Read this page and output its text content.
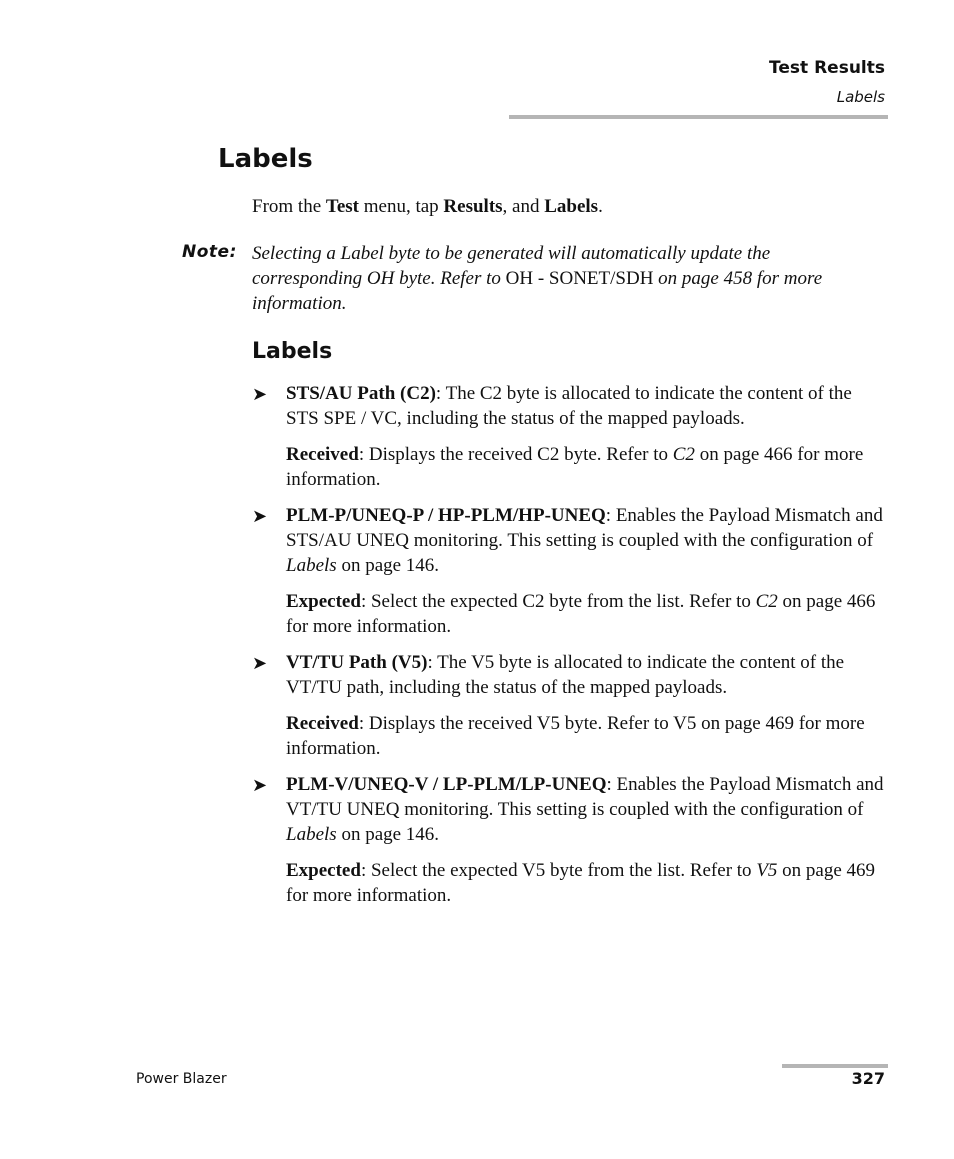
Test Results
Labels
Labels
From the Test menu, tap Results, and Labels.
Note: Selecting a Label byte to be generated will automatically update the corresponding OH byte. Refer to OH - SONET/SDH on page 458 for more information.
Labels

➤ STS/AU Path (C2): The C2 byte is allocated to indicate the content of the STS SPE / VC, including the status of the mapped payloads.

Received: Displays the received C2 byte. Refer to C2 on page 466 for more information.

➤ PLM-P/UNEQ-P / HP-PLM/HP-UNEQ: Enables the Payload Mismatch and STS/AU UNEQ monitoring. This setting is coupled with the configuration of Labels on page 146.

Expected: Select the expected C2 byte from the list. Refer to C2 on page 466 for more information.

➤ VT/TU Path (V5): The V5 byte is allocated to indicate the content of the VT/TU path, including the status of the mapped payloads.

Received: Displays the received V5 byte. Refer to V5 on page 469 for more information.

➤ PLM-V/UNEQ-V / LP-PLM/LP-UNEQ: Enables the Payload Mismatch and VT/TU UNEQ monitoring. This setting is coupled with the configuration of Labels on page 146.

Expected: Select the expected V5 byte from the list. Refer to V5 on page 469 for more information.

Power Blazer	327
